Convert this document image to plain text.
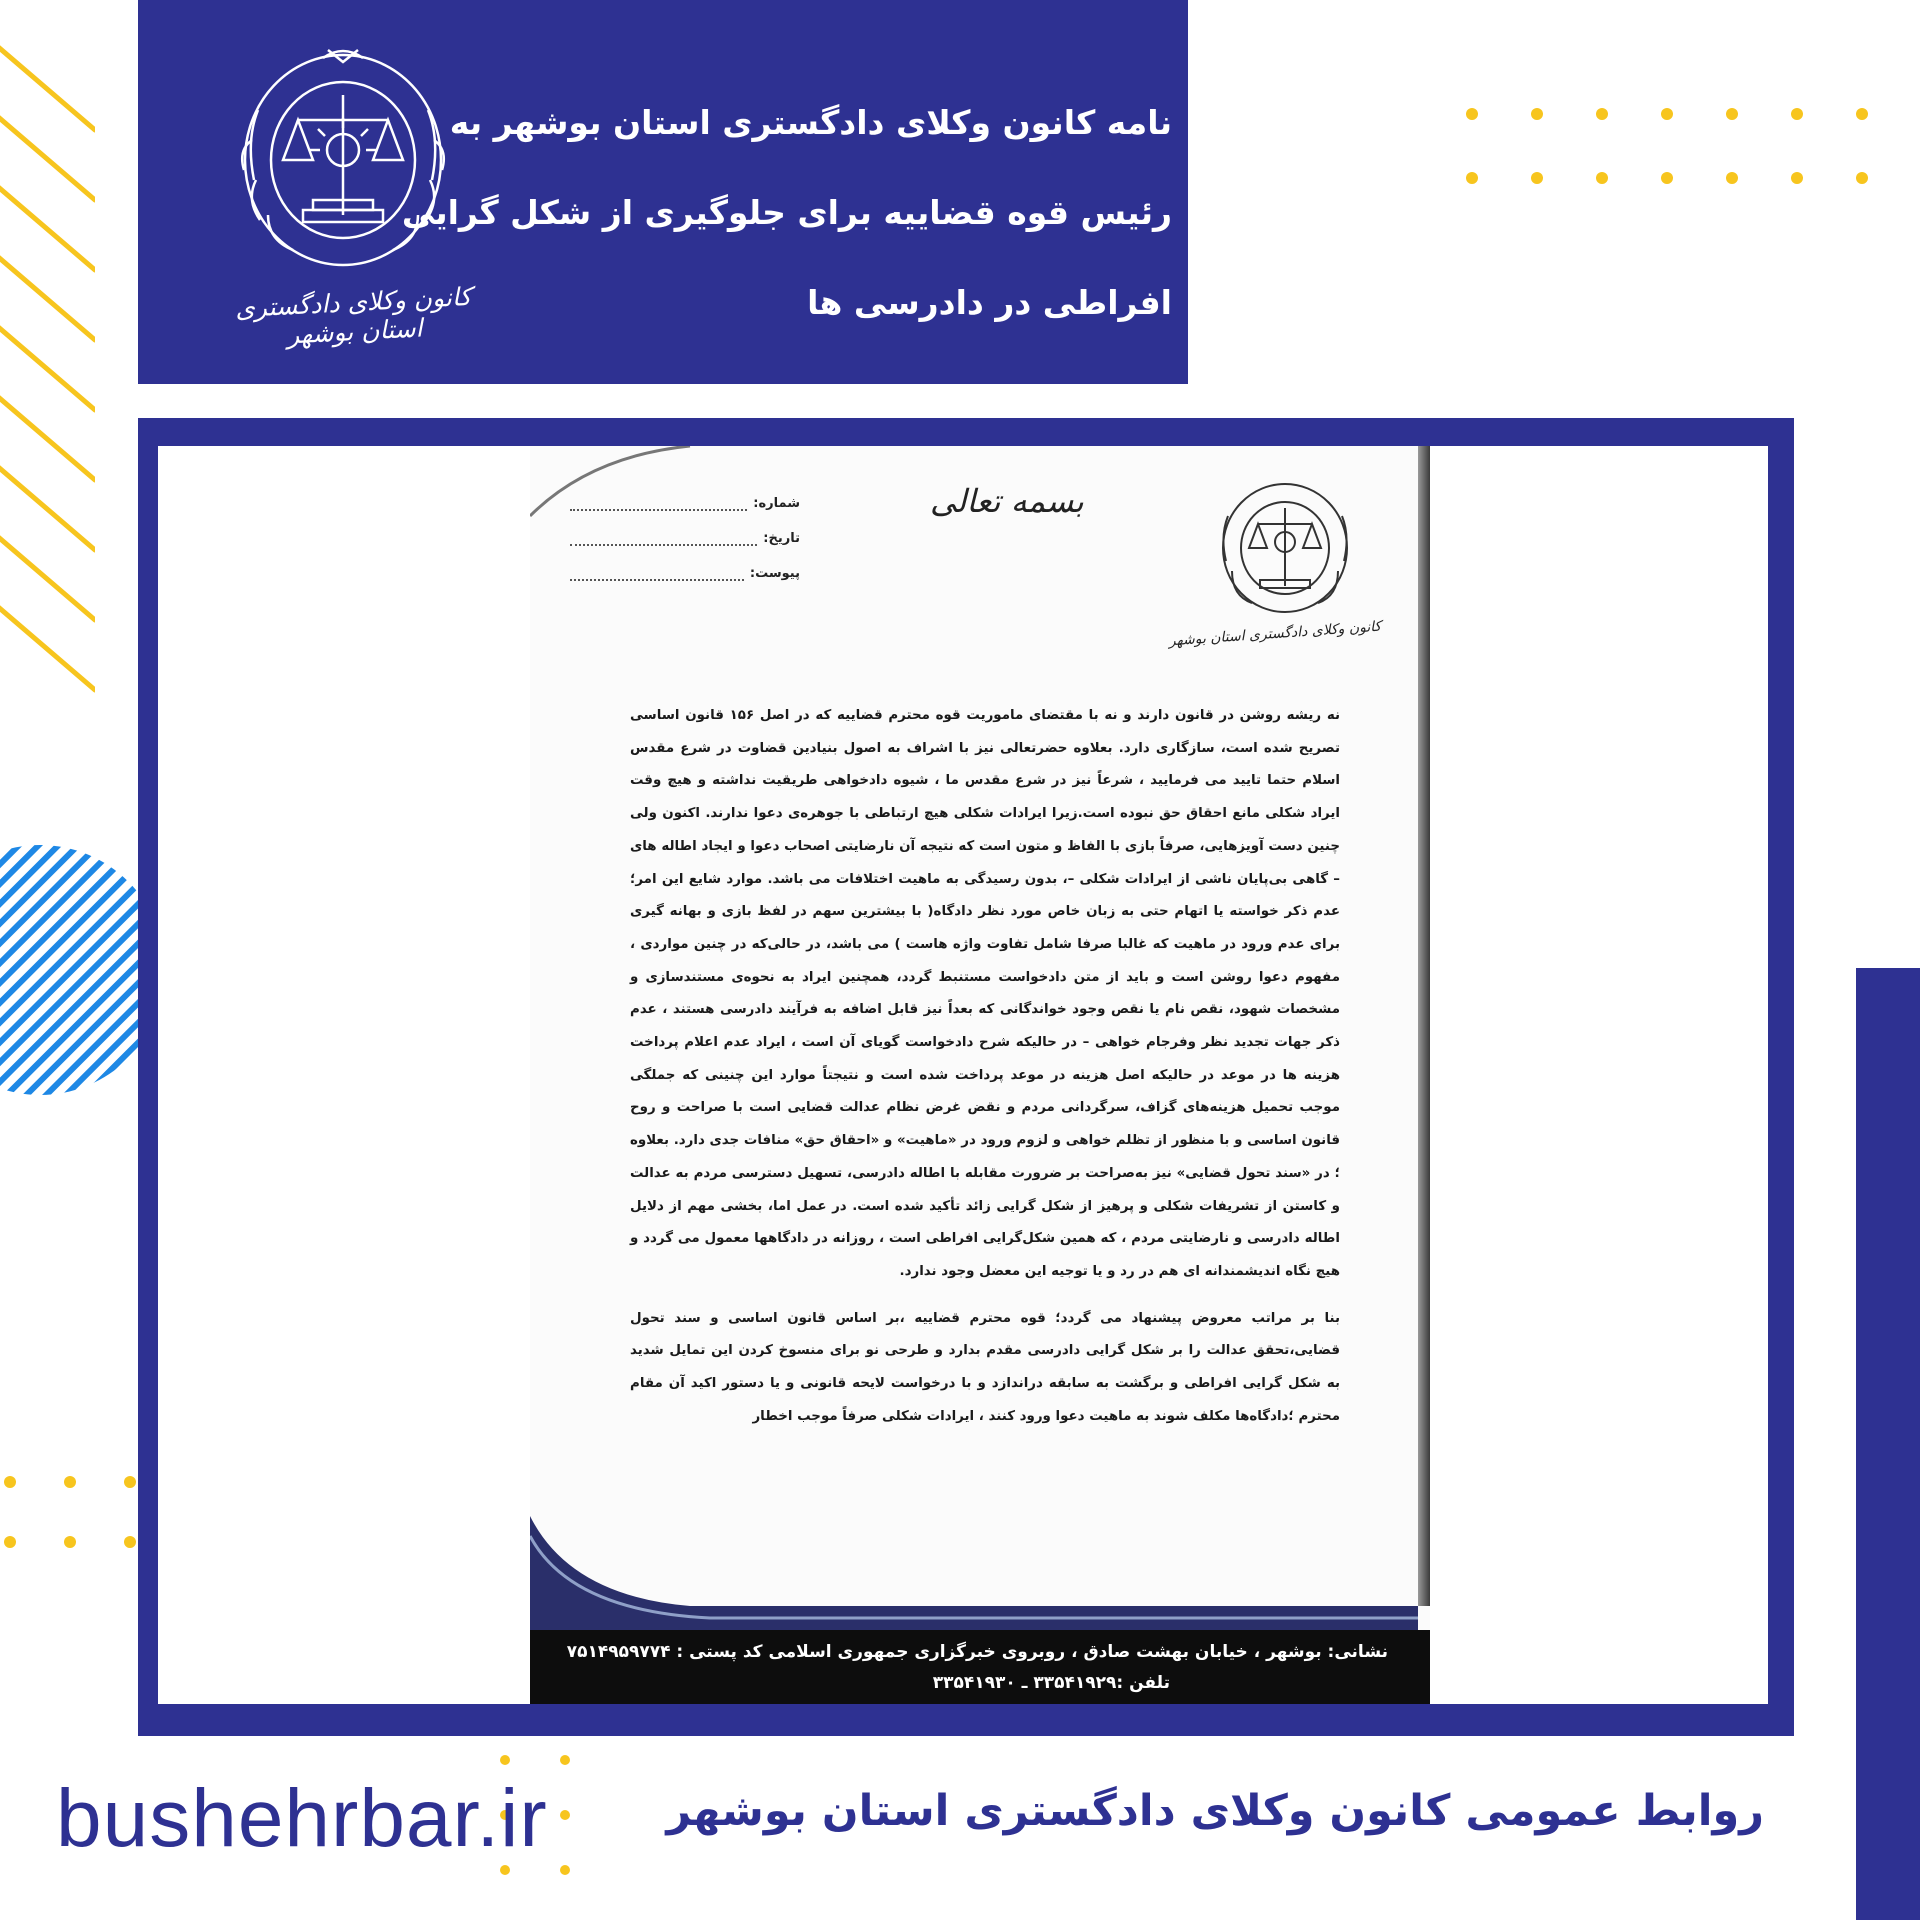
نامه کانون وکلای دادگستری استان بوشهر به
رئیس قوه قضاییه برای جلوگیری از شکل گرایی
افراطی در دادرسی ها
کانون وکلای دادگستری استان بوشهر
شماره:
تاریخ:
پیوست:
بسمه تعالی
کانون وکلای دادگستری استان بوشهر

نه ریشه روشن در قانون دارند و نه با مقتضای ماموریت قوه محترم قضاییه که در اصل ۱۵۶ قانون اساسی تصریح شده است، سازگاری دارد. بعلاوه حضرتعالی نیز با اشراف به اصول بنیادین قضاوت در شرع مقدس اسلام حتما تایید می فرمایید ، شرعاً نیز در شرع مقدس ما ، شیوه دادخواهی طریقیت نداشته و هیچ وقت ایراد شکلی مانع احقاق حق نبوده است.زیرا ایرادات شکلی هیچ ارتباطی با جوهره‌ی دعوا ندارند. اکنون ولی چنین دست آویزهایی، صرفاً بازی با الفاظ و متون است که نتیجه آن نارضایتی اصحاب دعوا و ایجاد اطاله های – گاهی بی‌پایان ناشی از ایرادات شکلی –، بدون رسیدگی به ماهیت اختلافات می باشد. موارد شایع این امر؛ عدم ذکر خواسته یا اتهام حتی به زبان خاص مورد نظر دادگاه( با بیشترین سهم در لفظ بازی و بهانه گیری برای عدم ورود در ماهیت که غالبا صرفا شامل تفاوت واژه هاست ) می باشد، در حالی‌که در چنین مواردی ، مفهوم دعوا روشن است و باید از متن دادخواست مستنبط گردد، همچنین ایراد به نحوه‌ی مستندسازی و مشخصات شهود، نقص نام یا نقص وجود خواندگانی که بعداً نیز قابل اضافه به فرآیند دادرسی هستند ، عدم ذکر جهات تجدید نظر وفرجام خواهی – در حالیکه شرح دادخواست گویای آن است ، ایراد عدم اعلام پرداخت هزینه ها در موعد در حالیکه اصل هزینه در موعد پرداخت شده است و نتیجتاً موارد این چنینی که جملگی موجب تحمیل هزینه‌های گزاف، سرگردانی مردم و نقض غرض نظام عدالت قضایی است با صراحت و روح قانون اساسی و با منظور از تظلم خواهی و لزوم ورود در «ماهیت» و «احقاق حق» منافات جدی دارد. بعلاوه ؛ در «سند تحول قضایی» نیز به‌صراحت بر ضرورت مقابله با اطاله دادرسی، تسهیل دسترسی مردم به عدالت و کاستن از تشریفات شکلی و پرهیز از شکل گرایی زائد تأکید شده است. در عمل اما، بخشی مهم از دلایل اطاله دادرسی و نارضایتی مردم ، که همین شکل‌گرایی افراطی است ، روزانه در دادگاهها معمول می گردد و هیچ نگاه اندیشمندانه ای هم در رد و یا توجیه این معضل وجود ندارد.

بنا بر مراتب معروض پیشنهاد می گردد؛ قوه محترم قضاییه ،بر اساس قانون اساسی و سند تحول قضایی،تحقق عدالت را بر شکل گرایی دادرسی مقدم بدارد و طرحی نو برای منسوخ کردن این تمایل شدید به شکل گرایی افراطی و برگشت به سابقه دراندازد و با درخواست لایحه قانونی و یا دستور اکید آن مقام محترم ؛دادگاه‌ها مکلف شوند به ماهیت دعوا ورود کنند ، ایرادات شکلی صرفاً موجب اخطار

نشانی: بوشهر ، خیابان بهشت صادق ، روبروی خبرگزاری جمهوری اسلامی کد پستی : ۷۵۱۴۹۵۹۷۷۴
تلفن :۳۳۵۴۱۹۲۹ ـ ۳۳۵۴۱۹۳۰
bushehrbar.ir	روابط عمومی کانون وکلای دادگستری استان بوشهر
